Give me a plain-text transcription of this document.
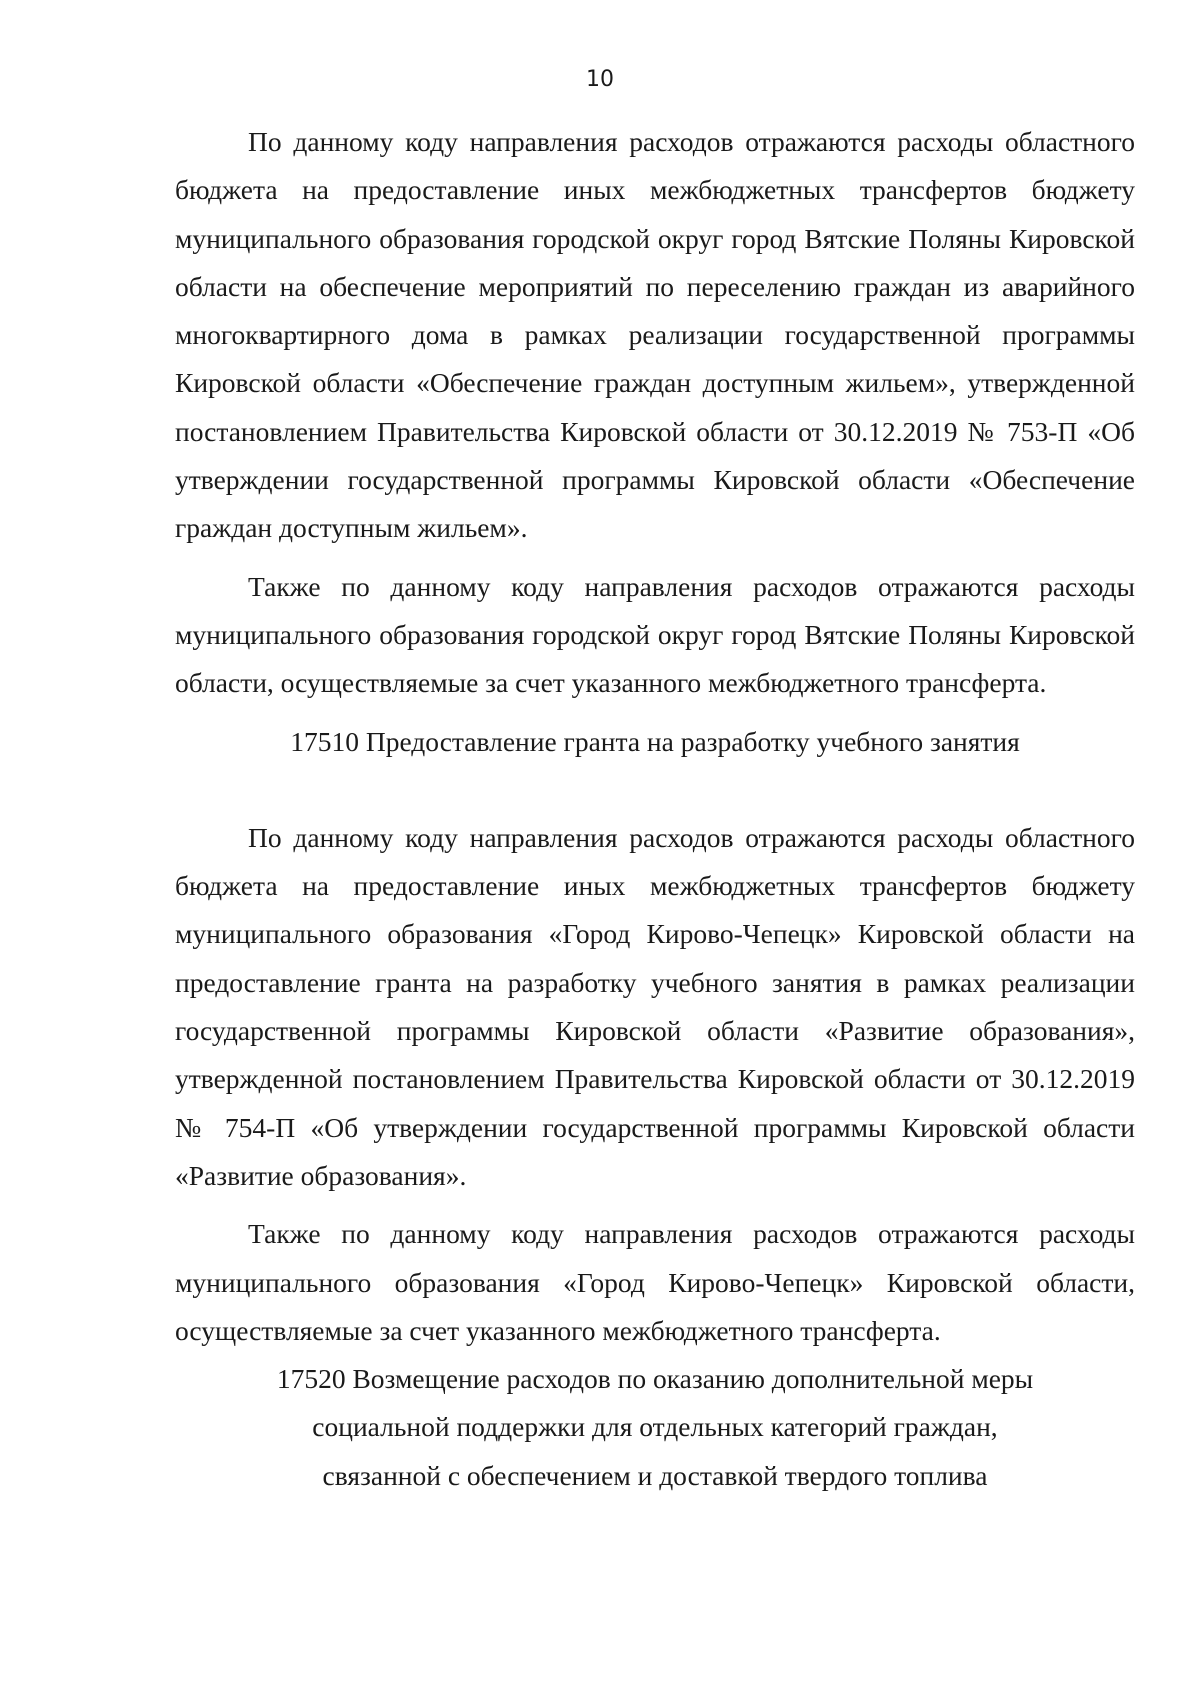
10

По данному коду направления расходов отражаются расходы областного бюджета на предоставление иных межбюджетных трансфертов бюджету муниципального образования городской округ город Вятские Поляны Кировской области на обеспечение мероприятий по переселению граждан из аварийного многоквартирного дома в рамках реализации государственной программы Кировской области «Обеспечение граждан доступным жильем», утвержденной постановлением Правительства Кировской области от 30.12.2019 № 753-П «Об утверждении государственной программы Кировской области «Обеспечение граждан доступным жильем».

Также по данному коду направления расходов отражаются расходы муниципального образования городской округ город Вятские Поляны Кировской области, осуществляемые за счет указанного межбюджетного трансферта.

17510 Предоставление гранта на разработку учебного занятия

По данному коду направления расходов отражаются расходы областного бюджета на предоставление иных межбюджетных трансфертов бюджету муниципального образования «Город Кирово-Чепецк» Кировской области на предоставление гранта на разработку учебного занятия в рамках реализации государственной программы Кировской области «Развитие образования», утвержденной постановлением Правительства Кировской области от 30.12.2019 № 754-П «Об утверждении государственной программы Кировской области «Развитие образования».

Также по данному коду направления расходов отражаются расходы муниципального образования «Город Кирово-Чепецк» Кировской области, осуществляемые за счет указанного межбюджетного трансферта.

17520 Возмещение расходов по оказанию дополнительной меры
социальной поддержки для отдельных категорий граждан,
связанной с обеспечением и доставкой твердого топлива
